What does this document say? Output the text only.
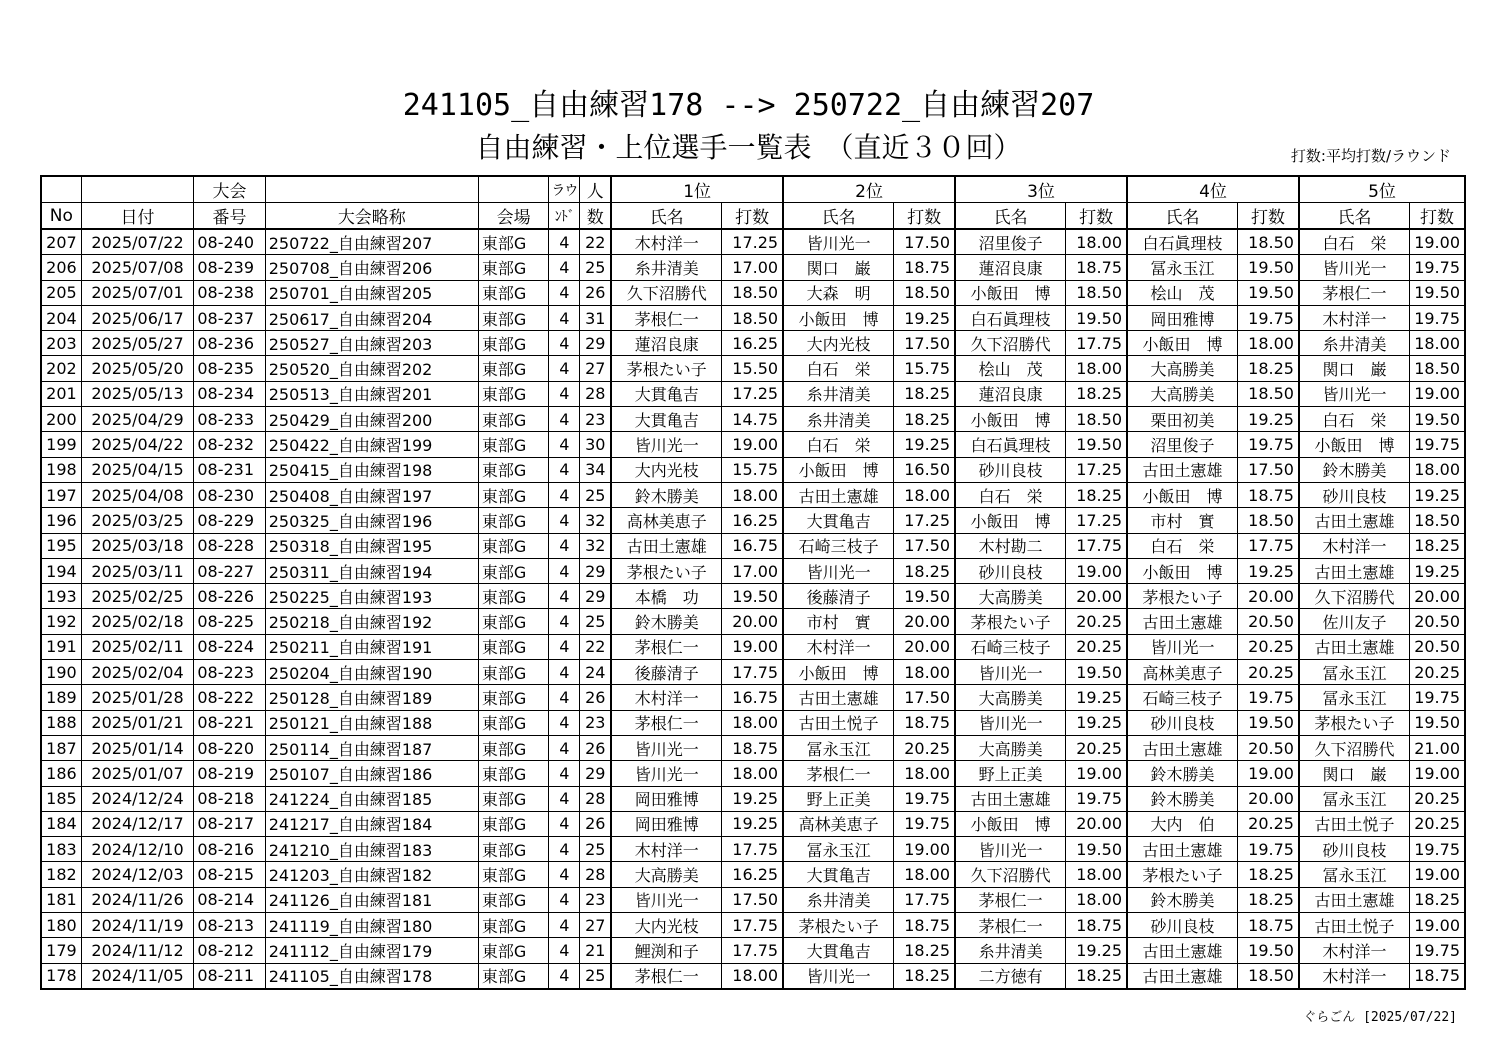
241105_自由練習178 --> 250722_自由練習207
自由練習・上位選手一覧表　（直近３０回）	打数:平均打数/ラウンド
		大会			ラウ	人	1位		2位		3位		4位		5位	
No	日付	番号	大会略称	会場	ﾝﾄﾞ	数	氏名	打数	氏名	打数	氏名	打数	氏名	打数	氏名	打数
207	2025/07/22	08-240	250722_自由練習207	東部G	4	22	木村洋一	17.25	皆川光一	17.50	沼里俊子	18.00	白石眞理枝	18.50	白石　栄	19.00
206	2025/07/08	08-239	250708_自由練習206	東部G	4	25	糸井清美	17.00	関口　巌	18.75	蓮沼良康	18.75	冨永玉江	19.50	皆川光一	19.75
205	2025/07/01	08-238	250701_自由練習205	東部G	4	26	久下沼勝代	18.50	大森　明	18.50	小飯田　博	18.50	桧山　茂	19.50	茅根仁一	19.50
204	2025/06/17	08-237	250617_自由練習204	東部G	4	31	茅根仁一	18.50	小飯田　博	19.25	白石眞理枝	19.50	岡田雅博	19.75	木村洋一	19.75
203	2025/05/27	08-236	250527_自由練習203	東部G	4	29	蓮沼良康	16.25	大内光枝	17.50	久下沼勝代	17.75	小飯田　博	18.00	糸井清美	18.00
202	2025/05/20	08-235	250520_自由練習202	東部G	4	27	茅根たい子	15.50	白石　栄	15.75	桧山　茂	18.00	大高勝美	18.25	関口　巌	18.50
201	2025/05/13	08-234	250513_自由練習201	東部G	4	28	大貫亀吉	17.25	糸井清美	18.25	蓮沼良康	18.25	大高勝美	18.50	皆川光一	19.00
200	2025/04/29	08-233	250429_自由練習200	東部G	4	23	大貫亀吉	14.75	糸井清美	18.25	小飯田　博	18.50	栗田初美	19.25	白石　栄	19.50
199	2025/04/22	08-232	250422_自由練習199	東部G	4	30	皆川光一	19.00	白石　栄	19.25	白石眞理枝	19.50	沼里俊子	19.75	小飯田　博	19.75
198	2025/04/15	08-231	250415_自由練習198	東部G	4	34	大内光枝	15.75	小飯田　博	16.50	砂川良枝	17.25	古田土憲雄	17.50	鈴木勝美	18.00
197	2025/04/08	08-230	250408_自由練習197	東部G	4	25	鈴木勝美	18.00	古田土憲雄	18.00	白石　栄	18.25	小飯田　博	18.75	砂川良枝	19.25
196	2025/03/25	08-229	250325_自由練習196	東部G	4	32	高林美恵子	16.25	大貫亀吉	17.25	小飯田　博	17.25	市村　實	18.50	古田土憲雄	18.50
195	2025/03/18	08-228	250318_自由練習195	東部G	4	32	古田土憲雄	16.75	石崎三枝子	17.50	木村勘二	17.75	白石　栄	17.75	木村洋一	18.25
194	2025/03/11	08-227	250311_自由練習194	東部G	4	29	茅根たい子	17.00	皆川光一	18.25	砂川良枝	19.00	小飯田　博	19.25	古田土憲雄	19.25
193	2025/02/25	08-226	250225_自由練習193	東部G	4	29	本橋　功	19.50	後藤清子	19.50	大高勝美	20.00	茅根たい子	20.00	久下沼勝代	20.00
192	2025/02/18	08-225	250218_自由練習192	東部G	4	25	鈴木勝美	20.00	市村　實	20.00	茅根たい子	20.25	古田土憲雄	20.50	佐川友子	20.50
191	2025/02/11	08-224	250211_自由練習191	東部G	4	22	茅根仁一	19.00	木村洋一	20.00	石崎三枝子	20.25	皆川光一	20.25	古田土憲雄	20.50
190	2025/02/04	08-223	250204_自由練習190	東部G	4	24	後藤清子	17.75	小飯田　博	18.00	皆川光一	19.50	高林美恵子	20.25	冨永玉江	20.25
189	2025/01/28	08-222	250128_自由練習189	東部G	4	26	木村洋一	16.75	古田土憲雄	17.50	大高勝美	19.25	石崎三枝子	19.75	冨永玉江	19.75
188	2025/01/21	08-221	250121_自由練習188	東部G	4	23	茅根仁一	18.00	古田土悦子	18.75	皆川光一	19.25	砂川良枝	19.50	茅根たい子	19.50
187	2025/01/14	08-220	250114_自由練習187	東部G	4	26	皆川光一	18.75	冨永玉江	20.25	大高勝美	20.25	古田土憲雄	20.50	久下沼勝代	21.00
186	2025/01/07	08-219	250107_自由練習186	東部G	4	29	皆川光一	18.00	茅根仁一	18.00	野上正美	19.00	鈴木勝美	19.00	関口　巌	19.00
185	2024/12/24	08-218	241224_自由練習185	東部G	4	28	岡田雅博	19.25	野上正美	19.75	古田土憲雄	19.75	鈴木勝美	20.00	冨永玉江	20.25
184	2024/12/17	08-217	241217_自由練習184	東部G	4	26	岡田雅博	19.25	高林美恵子	19.75	小飯田　博	20.00	大内　伯	20.25	古田土悦子	20.25
183	2024/12/10	08-216	241210_自由練習183	東部G	4	25	木村洋一	17.75	冨永玉江	19.00	皆川光一	19.50	古田土憲雄	19.75	砂川良枝	19.75
182	2024/12/03	08-215	241203_自由練習182	東部G	4	28	大高勝美	16.25	大貫亀吉	18.00	久下沼勝代	18.00	茅根たい子	18.25	冨永玉江	19.00
181	2024/11/26	08-214	241126_自由練習181	東部G	4	23	皆川光一	17.50	糸井清美	17.75	茅根仁一	18.00	鈴木勝美	18.25	古田土憲雄	18.25
180	2024/11/19	08-213	241119_自由練習180	東部G	4	27	大内光枝	17.75	茅根たい子	18.75	茅根仁一	18.75	砂川良枝	18.75	古田土悦子	19.00
179	2024/11/12	08-212	241112_自由練習179	東部G	4	21	鯉渕和子	17.75	大貫亀吉	18.25	糸井清美	19.25	古田土憲雄	19.50	木村洋一	19.75
178	2024/11/05	08-211	241105_自由練習178	東部G	4	25	茅根仁一	18.00	皆川光一	18.25	二方徳有	18.25	古田土憲雄	18.50	木村洋一	18.75
ぐらごん [2025/07/22]
